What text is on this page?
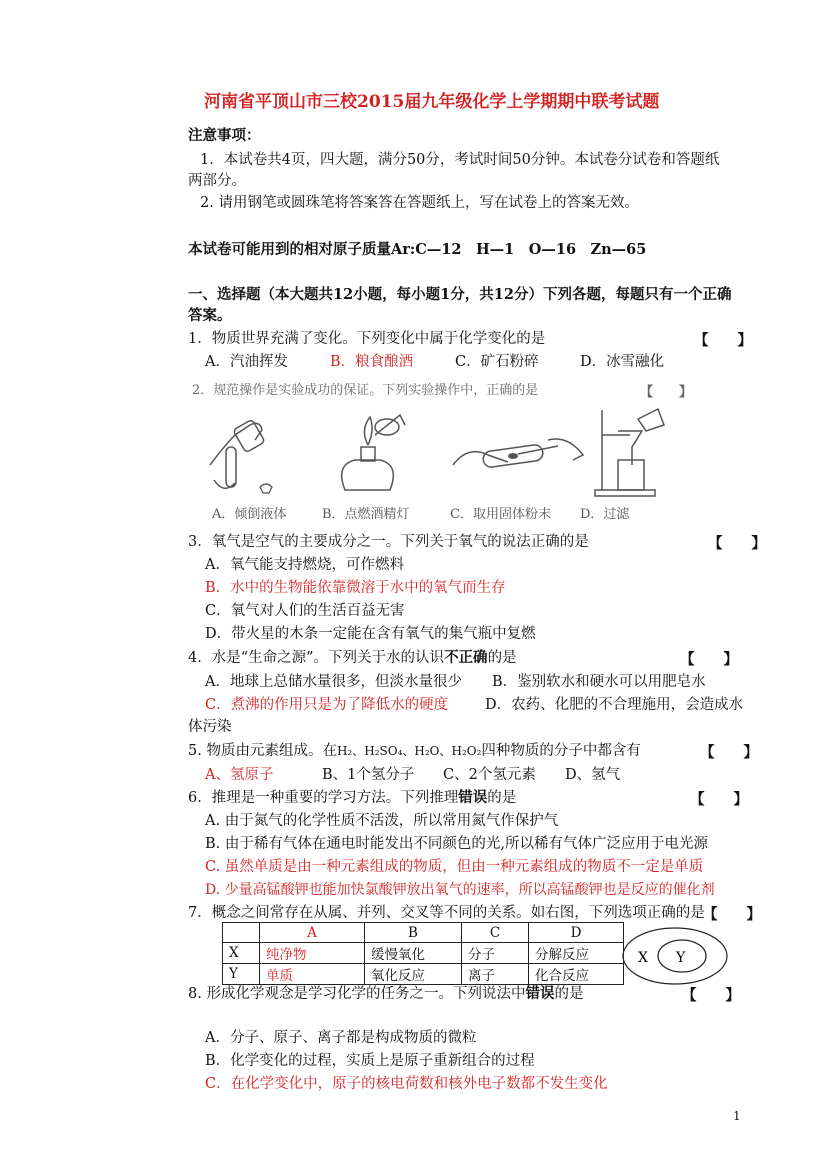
河南省平顶山市三校2015届九年级化学上学期期中联考试题
注意事项：
1．本试卷共4页，四大题，满分50分，考试时间50分钟。本试卷分试卷和答题纸
两部分。
2. 请用钢笔或圆珠笔将答案答在答题纸上，写在试卷上的答案无效。
本试卷可能用到的相对原子质量Ar:C—12　H—1　O—16　Zn—65
一、选择题（本大题共12小题，每小题1分，共12分）下列各题，每题只有一个正确
答案。
1．物质世界充满了变化。下列变化中属于化学变化的是	【　　】
A．汽油挥发	B．粮食酿酒	C．矿石粉碎	D．冰雪融化
2．规范操作是实验成功的保证。下列实验操作中，正确的是	【　　】
A．倾倒液体	B．点燃酒精灯	C．取用固体粉末 D．过滤
3．氧气是空气的主要成分之一。下列关于氧气的说法正确的是	【　　】
A．氧气能支持燃烧，可作燃料
B．水中的生物能依靠微溶于水中的氧气而生存
C．氧气对人们的生活百益无害
D．带火星的木条一定能在含有氧气的集气瓶中复燃
4．水是“生命之源”。下列关于水的认识不正确的是	【　　】
A．地球上总储水量很多，但淡水量很少 B．鉴别软水和硬水可以用肥皂水
C．煮沸的作用只是为了降低水的硬度	D．农药、化肥的不合理施用，会造成水
体污染
5. 物质由元素组成。在H₂、H₂SO₄、H₂O、H₂O₂四种物质的分子中都含有	【　　】
A、氢原子	B、1个氢分子 C、2个氢元素 D、氢气
6．推理是一种重要的学习方法。下列推理错误的是	【　　】
A. 由于氮气的化学性质不活泼，所以常用氮气作保护气
B. 由于稀有气体在通电时能发出不同颜色的光,所以稀有气体广泛应用于电光源
C. 虽然单质是由一种元素组成的物质，但由一种元素组成的物质不一定是单质
D. 少量高锰酸钾也能加快氯酸钾放出氧气的速率，所以高锰酸钾也是反应的催化剂
7．概念之间常存在从属、并列、交叉等不同的关系。如右图，下列选项正确的是
【　　】
	A	B	C	D
X	纯净物	缓慢氧化	分子	分解反应
Y	单质	氧化反应	离子	化合反应
X Y
8. 形成化学观念是学习化学的任务之一。下列说法中错误的是	【　　】
A．分子、原子、离子都是构成物质的微粒
B．化学变化的过程，实质上是原子重新组合的过程
C．在化学变化中，原子的核电荷数和核外电子数都不发生变化
1
